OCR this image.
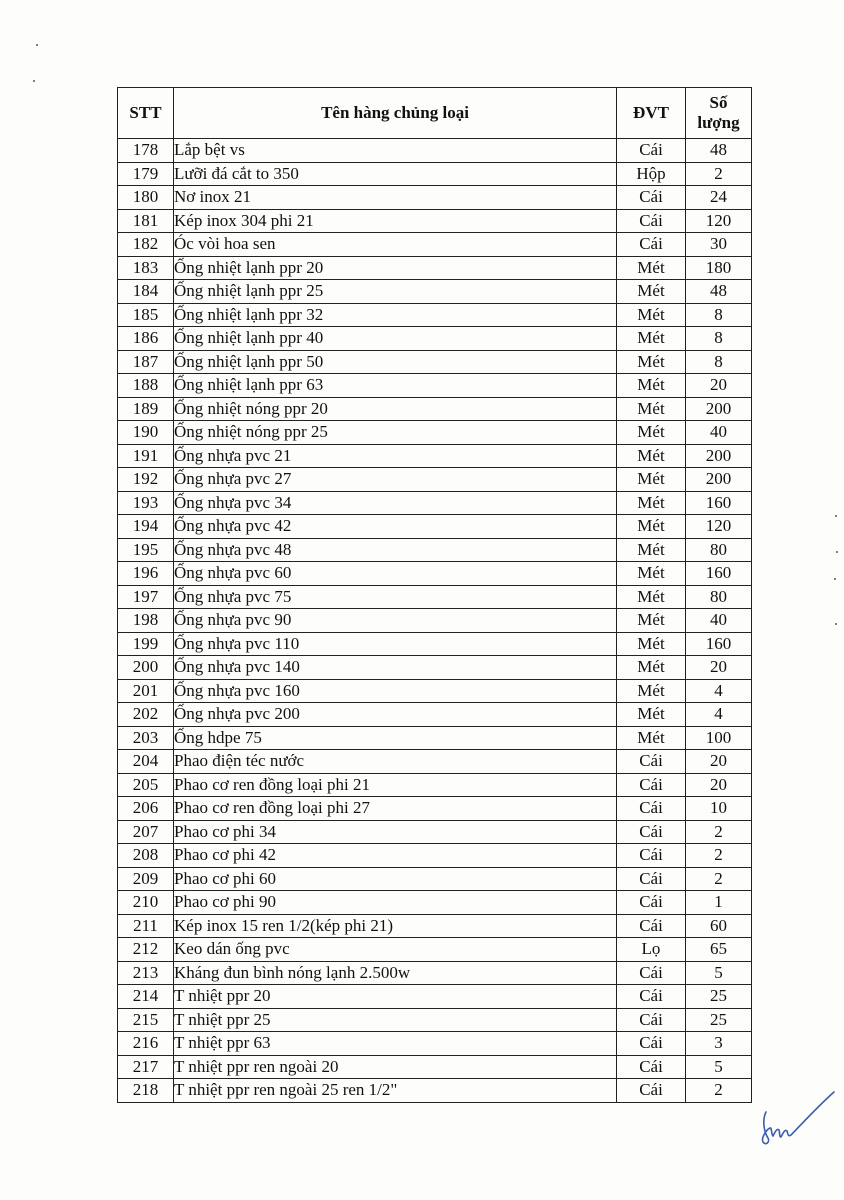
STT	Tên hàng chủng loại	ĐVT	Số
lượng

178	Lắp bệt vs	Cái	48
179	Lưỡi đá cắt to 350	Hộp	2
180	Nơ inox 21	Cái	24
181	Kép inox 304 phi 21	Cái	120
182	Óc vòi hoa sen	Cái	30
183	Ống nhiệt lạnh ppr 20	Mét	180
184	Ống nhiệt lạnh ppr 25	Mét	48
185	Ống nhiệt lạnh ppr 32	Mét	8
186	Ống nhiệt lạnh ppr 40	Mét	8
187	Ống nhiệt lạnh ppr 50	Mét	8
188	Ống nhiệt lạnh ppr 63	Mét	20
189	Ống nhiệt nóng ppr 20	Mét	200
190	Ống nhiệt nóng ppr 25	Mét	40
191	Ống nhựa pvc 21	Mét	200
192	Ống nhựa pvc 27	Mét	200
193	Ống nhựa pvc 34	Mét	160
194	Ống nhựa pvc 42	Mét	120
195	Ống nhựa pvc 48	Mét	80
196	Ống nhựa pvc 60	Mét	160
197	Ống nhựa pvc 75	Mét	80
198	Ống nhựa pvc 90	Mét	40
199	Ống nhựa pvc 110	Mét	160
200	Ống nhựa pvc 140	Mét	20
201	Ống nhựa pvc 160	Mét	4
202	Ống nhựa pvc 200	Mét	4
203	Ống hdpe 75	Mét	100
204	Phao điện téc nước	Cái	20
205	Phao cơ ren đồng loại phi 21	Cái	20
206	Phao cơ ren đồng loại phi 27	Cái	10
207	Phao cơ phi 34	Cái	2
208	Phao cơ phi 42	Cái	2
209	Phao cơ phi 60	Cái	2
210	Phao cơ phi 90	Cái	1
211	Kép inox 15 ren 1/2(kép phi 21)	Cái	60
212	Keo dán ống pvc	Lọ	65
213	Kháng đun bình nóng lạnh 2.500w	Cái	5
214	T nhiệt ppr 20	Cái	25
215	T nhiệt ppr 25	Cái	25
216	T nhiệt ppr 63	Cái	3
217	T nhiệt ppr ren ngoài 20	Cái	5
218	T nhiệt ppr ren ngoài 25 ren 1/2"	Cái	2
